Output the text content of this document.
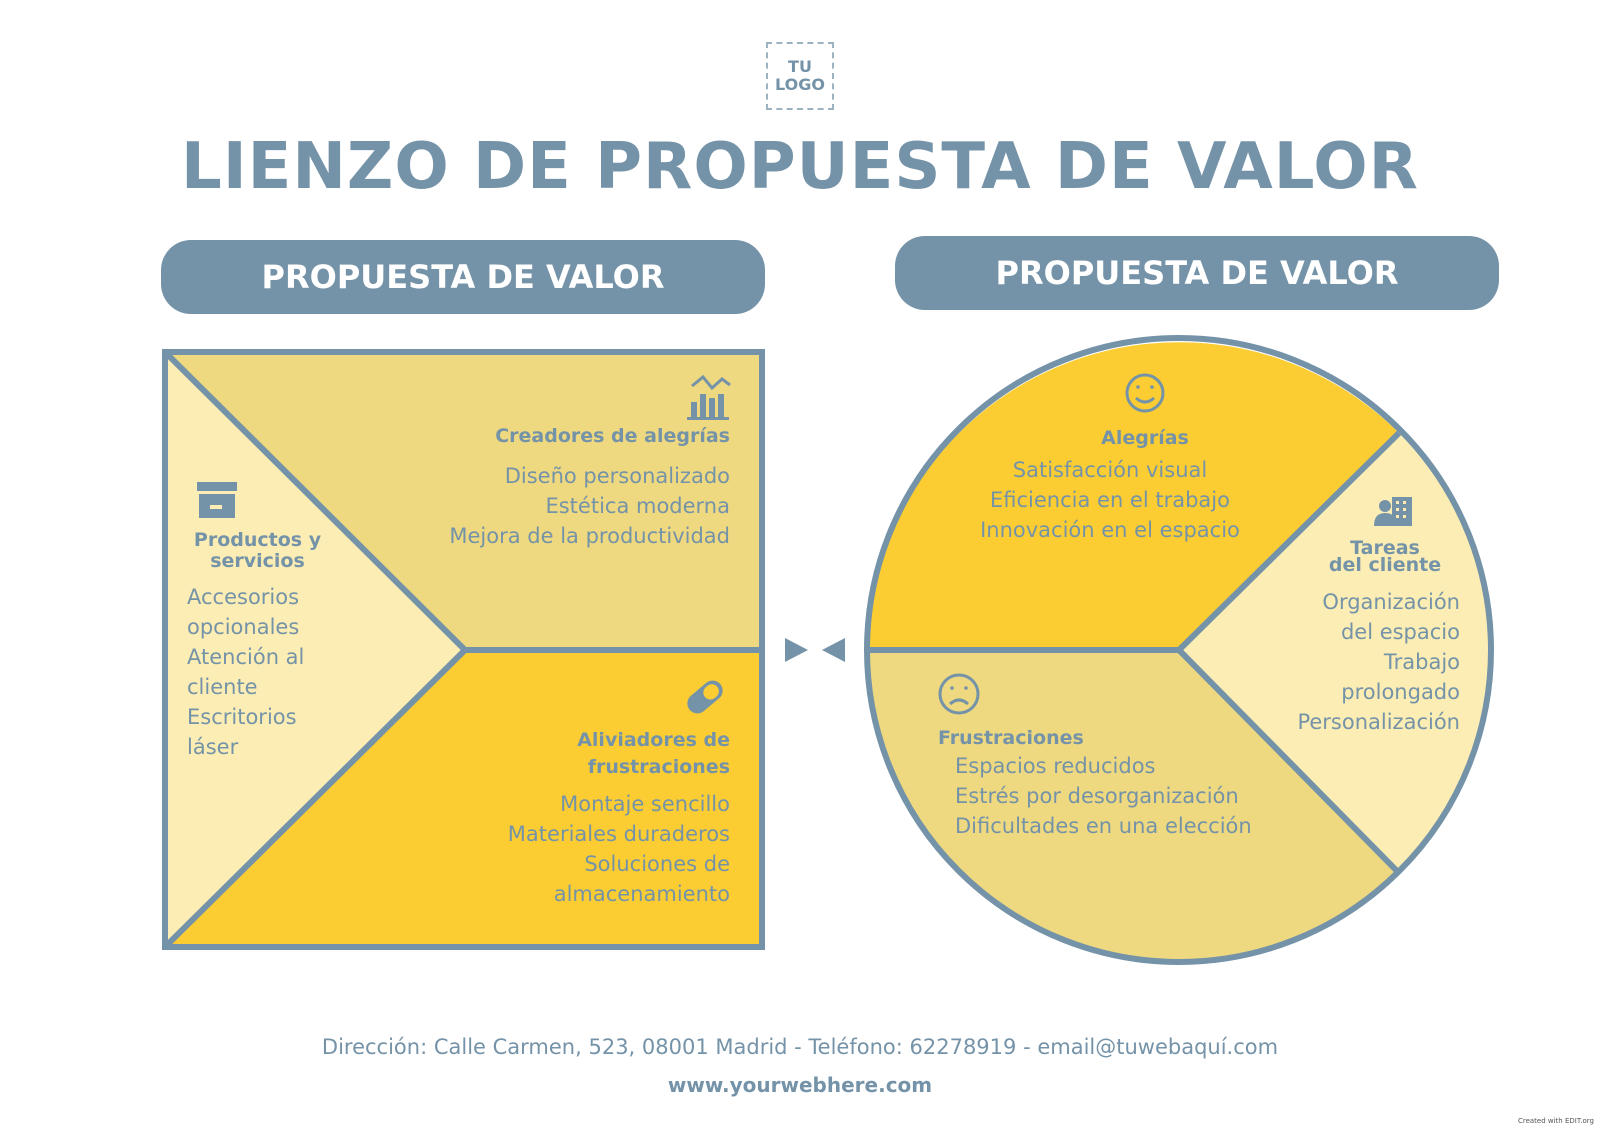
TU
LOGO
LIENZO DE PROPUESTA DE VALOR
PROPUESTA DE VALOR	PROPUESTA DE VALOR
Creadores de alegrías
Diseño personalizado
Estética moderna
Mejora de la productividad
Productos y
servicios
Accesorios
opcionales
Atención al
cliente
Escritorios
láser	Aliviadores de
frustraciones
Montaje sencillo
Materiales duraderos
Soluciones de
almacenamiento
Alegrías
Satisfacción visual
Eficiencia en el trabajo
Innovación en el espacio
Tareas
del cliente
Organización
del espacio
Trabajo
prolongado
Personalización
Frustraciones
Espacios reducidos
Estrés por desorganización
Dificultades en una elección
Dirección: Calle Carmen, 523, 08001 Madrid - Teléfono: 62278919 - email@tuwebaquí.com
www.yourwebhere.com
Created with EDIT.org
